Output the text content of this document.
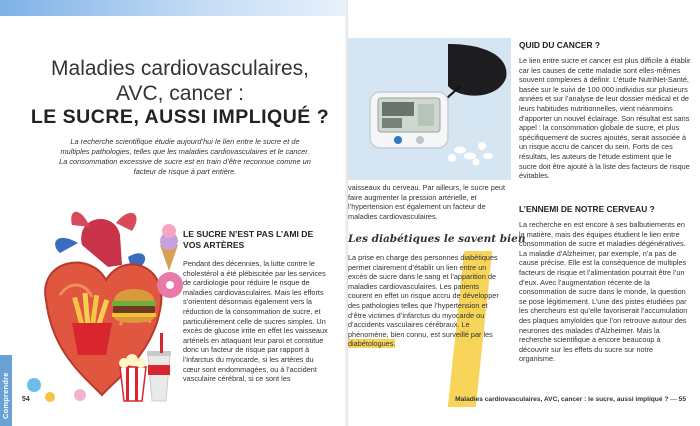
Comprendre
Maladies cardiovasculaires,
AVC, cancer :
LE SUCRE, AUSSI IMPLIQUÉ ?

La recherche scientifique étudie aujourd’hui le lien entre le sucre et de multiples pathologies, telles que les maladies cardiovasculaires et le cancer. La consommation excessive de sucre est en train d’être reconnue comme un facteur de risque à part entière.

LE SUCRE N’EST PAS L’AMI DE VOS ARTÈRES

Pendant des décennies, la lutte contre le cholestérol a été plébiscitée par les services de cardiologie pour réduire le risque de maladies cardiovasculaires. Mais les efforts s’orientent désormais également vers la réduction de la consommation de sucre, et particulièrement celle de sucres simples. Un excès de glucose irrite en effet les vaisseaux artériels en attaquant leur paroi et constitue donc un facteur de risque par rapport à l’infarctus du myocarde, si les artères du cœur sont endommagées, ou à l’accident vasculaire cérébral, si ce sont les

54

vaisseaux du cerveau. Par ailleurs, le sucre peut faire augmenter la pression artérielle, et l’hypertension est également un facteur de maladies cardiovasculaires.

Les diabétiques le savent bien

La prise en charge des personnes diabétiques permet clairement d’établir un lien entre un excès de sucre dans le sang et l’apparition de maladies cardiovasculaires. Les patients courent en effet un risque accru de développer des pathologies telles que l’hypertension et d’être victimes d’infarctus du myocarde ou d’accidents vasculaires cérébraux. Le phénomène, bien connu, est surveillé par les diabétologues.

QUID DU CANCER ?

Le lien entre sucre et cancer est plus difficile à établir car les causes de cette maladie sont elles-mêmes souvent complexes à définir. L’étude NutriNet-Santé, basée sur le suivi de 100 000 individus sur plusieurs années et sur l’analyse de leur dossier médical et de leurs habitudes nutritionnelles, vient néanmoins d’apporter un nouvel éclairage. Son résultat est sans appel : la consommation globale de sucre, et plus spécifiquement de sucres ajoutés, serait associée à un risque accru de cancer du sein. Forts de ces résultats, les auteurs de l’étude estiment que le sucre doit être ajouté à la liste des facteurs de risque évitables.

L’ENNEMI DE NOTRE CERVEAU ?

La recherche en est encore à ses balbutiements en la matière, mais des équipes étudient le lien entre consommation de sucre et maladies dégénératives. La maladie d’Alzheimer, par exemple, n’a pas de cause précise. Elle est la conséquence de multiples facteurs de risque et l’alimentation pourrait être l’un d’eux. Avec l’augmentation récente de la consommation de sucre dans le monde, la question se pose légitimement. L’une des pistes étudiées par les chercheurs est qu’elle favoriserait l’accumulation des plaques amyloïdes que l’on retrouve autour des neurones des malades d’Alzheimer. Mais la recherche scientifique a encore beaucoup à découvrir sur les effets du sucre sur notre organisme.

Maladies cardiovasculaires, AVC, cancer : le sucre, aussi impliqué ? — 55
